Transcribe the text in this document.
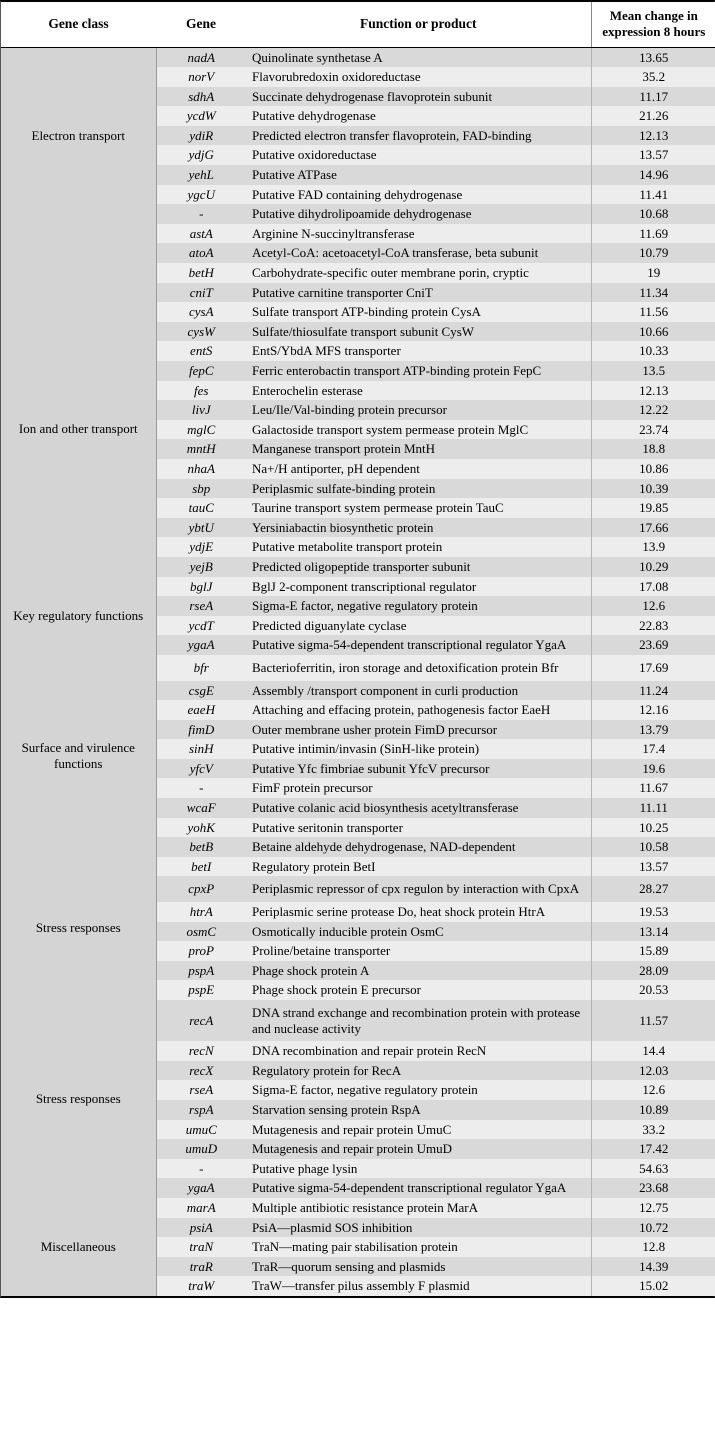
Gene class	Gene	Function or product	Mean change in expression 8 hours
Electron transport	nadA	Quinolinate synthetase A	13.65
	norV	Flavorubredoxin oxidoreductase	35.2
	sdhA	Succinate dehydrogenase flavoprotein subunit	11.17
	ycdW	Putative dehydrogenase	21.26
	ydiR	Predicted electron transfer flavoprotein, FAD-binding	12.13
	ydjG	Putative oxidoreductase	13.57
	yehL	Putative ATPase	14.96
	ygcU	Putative FAD containing dehydrogenase	11.41
	-	Putative dihydrolipoamide dehydrogenase	10.68
	astA	Arginine N-succinyltransferase	11.69
	atoA	Acetyl-CoA: acetoacetyl-CoA transferase, beta subunit	10.79
	betH	Carbohydrate-specific outer membrane porin, cryptic	19
Ion and other transport	cniT	Putative carnitine transporter CniT	11.34
	cysA	Sulfate transport ATP-binding protein CysA	11.56
	cysW	Sulfate/thiosulfate transport subunit CysW	10.66
	entS	EntS/YbdA MFS transporter	10.33
	fepC	Ferric enterobactin transport ATP-binding protein FepC	13.5
	fes	Enterochelin esterase	12.13
	livJ	Leu/Ile/Val-binding protein precursor	12.22
	mglC	Galactoside transport system permease protein MglC	23.74
	mntH	Manganese transport protein MntH	18.8
	nhaA	Na+/H antiporter, pH dependent	10.86
	sbp	Periplasmic sulfate-binding protein	10.39
	tauC	Taurine transport system permease protein TauC	19.85
	ybtU	Yersiniabactin biosynthetic protein	17.66
	ydjE	Putative metabolite transport protein	13.9
	yejB	Predicted oligopeptide transporter subunit	10.29
Key regulatory functions	bglJ	BglJ 2-component transcriptional regulator	17.08
	rseA	Sigma-E factor, negative regulatory protein	12.6
	ycdT	Predicted diguanylate cyclase	22.83
	ygaA	Putative sigma-54-dependent transcriptional regulator YgaA	23.69
Surface and virulence functions	bfr	Bacterioferritin, iron storage and detoxification protein Bfr	17.69
	csgE	Assembly /transport component in curli production	11.24
	eaeH	Attaching and effacing protein, pathogenesis factor EaeH	12.16
	fimD	Outer membrane usher protein FimD precursor	13.79
	sinH	Putative intimin/invasin (SinH-like protein)	17.4
	yfcV	Putative Yfc fimbriae subunit YfcV precursor	19.6
	-	FimF protein precursor	11.67
	wcaF	Putative colanic acid biosynthesis acetyltransferase	11.11
	yohK	Putative seritonin transporter	10.25
	betB	Betaine aldehyde dehydrogenase, NAD-dependent	10.58
Stress responses	betI	Regulatory protein BetI	13.57
	cpxP	Periplasmic repressor of cpx regulon by interaction with CpxA	28.27
	htrA	Periplasmic serine protease Do, heat shock protein HtrA	19.53
	osmC	Osmotically inducible protein OsmC	13.14
	proP	Proline/betaine transporter	15.89
	pspA	Phage shock protein A	28.09
	pspE	Phage shock protein E precursor	20.53
Stress responses	recA	DNA strand exchange and recombination protein with protease and nuclease activity	11.57
	recN	DNA recombination and repair protein RecN	14.4
	recX	Regulatory protein for RecA	12.03
	rseA	Sigma-E factor, negative regulatory protein	12.6
	rspA	Starvation sensing protein RspA	10.89
	umuC	Mutagenesis and repair protein UmuC	33.2
	umuD	Mutagenesis and repair protein UmuD	17.42
	-	Putative phage lysin	54.63
	ygaA	Putative sigma-54-dependent transcriptional regulator YgaA	23.68
Miscellaneous	marA	Multiple antibiotic resistance protein MarA	12.75
	psiA	PsiA—plasmid SOS inhibition	10.72
	traN	TraN—mating pair stabilisation protein	12.8
	traR	TraR—quorum sensing and plasmids	14.39
	traW	TraW—transfer pilus assembly F plasmid	15.02
